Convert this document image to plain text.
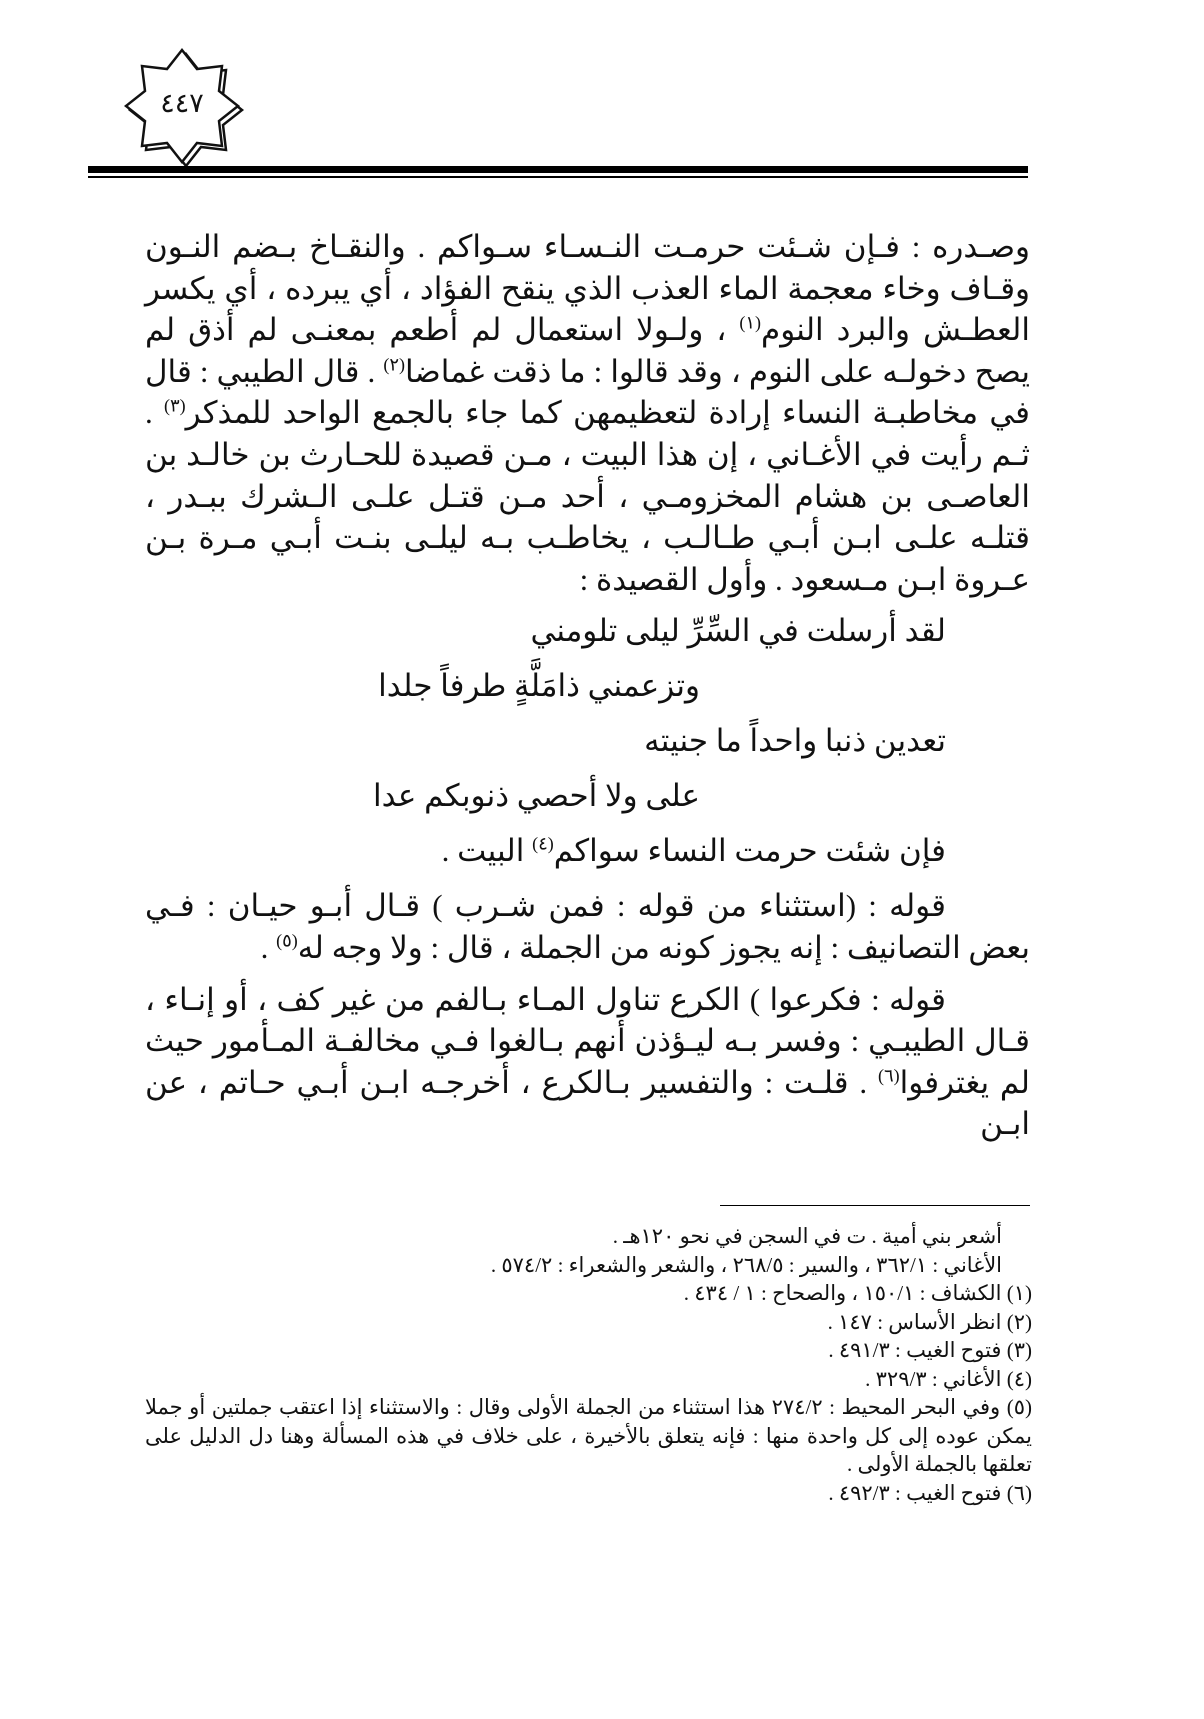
٤٤٧

وصـدره : فـإن شـئت حرمـت النـسـاء سـواكم . والنقـاخ بـضم النـون وقـاف وخاء معجمة الماء العذب الذي ينقح الفؤاد ، أي يبرده ، أي يكسر العطـش والبرد النوم$^{(١)}$ ، ولـولا استعمال لم أطعم بمعنـى لم أذق لم يصح دخولـه على النوم ، وقد قالوا : ما ذقت غماضا$^{(٢)}$ . قال الطيبي : قال في مخاطبـة النساء إرادة لتعظيمهن كما جاء بالجمع الواحد للمذكر$^{(٣)}$ . ثـم رأيت في الأغـاني ، إن هذا البيت ، مـن قصيدة للحـارث بن خالـد بن العاصـى بن هشام المخزومـي ، أحد مـن قتـل علـى الـشرك ببـدر ، قتلـه علـى ابـن أبـي طـالـب ، يخاطـب بـه ليلـى بنـت أبـي مـرة بـن عـروة ابـن مـسعود . وأول القصيدة :

لقد أرسلت في السِّرِّ ليلى تلومني

وتزعمني ذامَلَّةٍ طرفاً جلدا

تعدين ذنبا واحداً ما جنيته

على ولا أحصي ذنوبكم عدا

فإن شئت حرمت النساء سواكم$^{(٤)}$ البيت .

قوله : (استثناء من قوله : فمن شـرب ) قـال أبـو حيـان : فـي بعض التصانيف : إنه يجوز كونه من الجملة ، قال : ولا وجه له$^{(٥)}$ .

قوله : فكرعوا ) الكرع تناول المـاء بـالفم من غير كف ، أو إنـاء ، قـال الطيبـي : وفسر بـه ليـؤذن أنهم بـالغوا فـي مخالفـة المـأمور حيث لم يغترفوا$^{(٦)}$ . قلـت : والتفسير بـالكرع ، أخرجـه ابـن أبـي حـاتم ، عن ابـن

أشعر بني أمية . ت في السجن في نحو ١٢٠هـ .

الأغاني : ٣٦٢/١ ، والسير : ٢٦٨/٥ ، والشعر والشعراء : ٥٧٤/٢ .

(١) الكشاف : ١٥٠/١ ، والصحاح : ١ / ٤٣٤ .

(٢) انظر الأساس : ١٤٧ .

(٣) فتوح الغيب : ٤٩١/٣ .

(٤) الأغاني : ٣٢٩/٣ .

(٥) وفي البحر المحيط : ٢٧٤/٢ هذا استثناء من الجملة الأولى وقال : والاستثناء إذا اعتقب جملتين أو جملا يمكن عوده إلى كل واحدة منها : فإنه يتعلق بالأخيرة ، على خلاف في هذه المسألة وهنا دل الدليل على تعلقها بالجملة الأولى .

(٦) فتوح الغيب : ٤٩٢/٣ .
